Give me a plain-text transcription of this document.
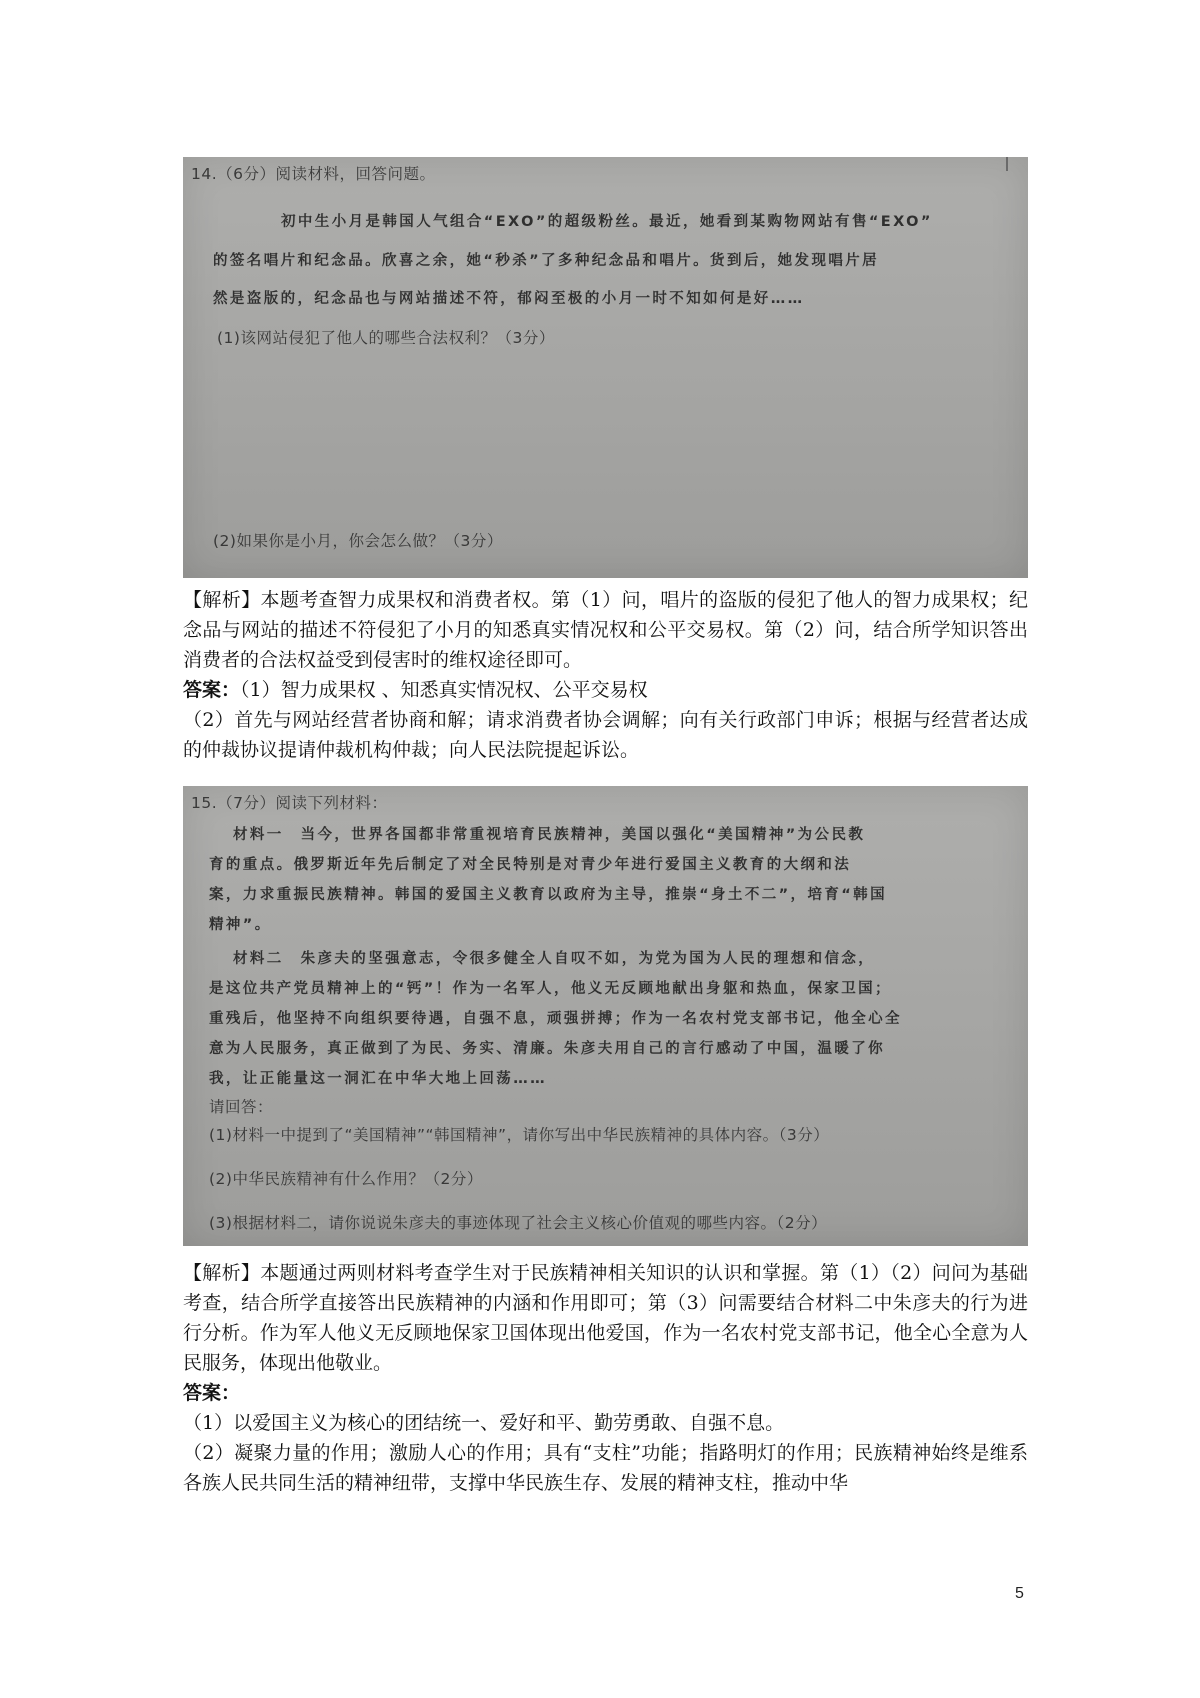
14.（6分）阅读材料，回答问题。
初中生小月是韩国人气组合“EXO”的超级粉丝。最近，她看到某购物网站有售“EXO”
的签名唱片和纪念品。欣喜之余，她“秒杀”了多种纪念品和唱片。货到后，她发现唱片居
然是盗版的，纪念品也与网站描述不符，郁闷至极的小月一时不知如何是好……
(1)该网站侵犯了他人的哪些合法权利？（3分）
(2)如果你是小月，你会怎么做？（3分）

【解析】本题考查智力成果权和消费者权。第（1）问，唱片的盗版的侵犯了他人的智力成果权；纪念品与网站的描述不符侵犯了小月的知悉真实情况权和公平交易权。第（2）问，结合所学知识答出消费者的合法权益受到侵害时的维权途径即可。

答案：（1）智力成果权 、知悉真实情况权、公平交易权

（2）首先与网站经营者协商和解；请求消费者协会调解；向有关行政部门申诉；根据与经营者达成的仲裁协议提请仲裁机构仲裁；向人民法院提起诉讼。

15.（7分）阅读下列材料：
材料一　当今，世界各国都非常重视培育民族精神，美国以强化“美国精神”为公民教
育的重点。俄罗斯近年先后制定了对全民特别是对青少年进行爱国主义教育的大纲和法
案，力求重振民族精神。韩国的爱国主义教育以政府为主导，推崇“身土不二”，培育“韩国
精神”。
材料二　朱彦夫的坚强意志，令很多健全人自叹不如，为党为国为人民的理想和信念，
是这位共产党员精神上的“钙”！作为一名军人，他义无反顾地献出身躯和热血，保家卫国；
重残后，他坚持不向组织要待遇，自强不息，顽强拼搏；作为一名农村党支部书记，他全心全
意为人民服务，真正做到了为民、务实、清廉。朱彦夫用自己的言行感动了中国，温暖了你
我，让正能量这一洞汇在中华大地上回荡……
请回答：
(1)材料一中提到了“美国精神”“韩国精神”，请你写出中华民族精神的具体内容。（3分）
(2)中华民族精神有什么作用？（2分）
(3)根据材料二，请你说说朱彦夫的事迹体现了社会主义核心价值观的哪些内容。（2分）

【解析】本题通过两则材料考查学生对于民族精神相关知识的认识和掌握。第（1）（2）问问为基础考查，结合所学直接答出民族精神的内涵和作用即可；第（3）问需要结合材料二中朱彦夫的行为进行分析。作为军人他义无反顾地保家卫国体现出他爱国，作为一名农村党支部书记，他全心全意为人民服务，体现出他敬业。

答案：

（1）以爱国主义为核心的团结统一、爱好和平、勤劳勇敢、自强不息。

（2）凝聚力量的作用；激励人心的作用；具有“支柱”功能；指路明灯的作用；民族精神始终是维系各族人民共同生活的精神纽带，支撑中华民族生存、发展的精神支柱，推动中华

5
